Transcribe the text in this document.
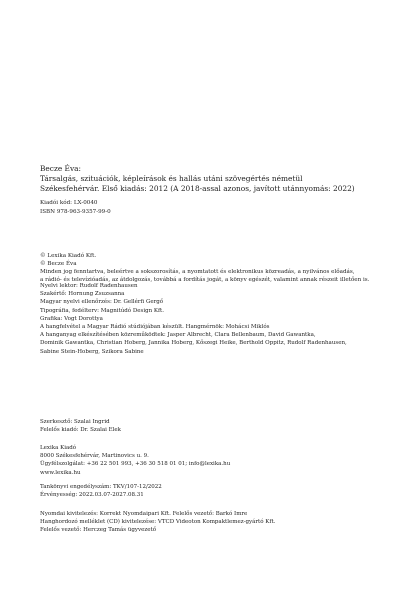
Becze Éva:
Társalgás, szituációk, képleírások és hallás utáni szövegértés németül
Székesfehérvár. Első kiadás: 2012 (A 2018-assal azonos, javított utánnyomás: 2022)
Kiadói kód: LX-0040
ISBN 978-963-9357-99-0
© Lexika Kiadó Kft.
© Becze Éva
Minden jog fenntartva, beleértve a sokszorosítás, a nyomtatott és elektronikus közreadás, a nyilvános előadás,
a rádió- és televízióadás, az átdolgozás, továbbá a fordítás jogát, a könyv egészét, valamint annak részeit illetően is.
Nyelvi lektor: Rudolf Radenhausen
Szakértő: Hornung Zsuzsanna
Magyar nyelvi ellenőrzés: Dr. Gellérfi Gergő
Tipográfia, fedélterv: Magnitúdó Design Kft.
Grafika: Vogt Dorottya
A hangfelvétel a Magyar Rádió stúdiójában készült. Hangmérnök: Mohácsi Miklós
A hanganyag elkészítésében közreműködtek: Jasper Albrecht, Clara Bellenbaum, David Gawantka,
Dominik Gawantka, Christian Hoberg, Jannika Hoberg, Kőszegi Heike, Berthold Oppitz, Rudolf Radenhausen,
Sabine Stein-Hoberg, Szikora Sabine
Szerkesztő: Szalai Ingrid
Felelős kiadó: Dr. Szalai Elek
Lexika Kiadó
8000 Székesfehérvár, Martinovics u. 9.
Ügyfélszolgálat: +36 22 501 993, +36 30 518 01 01; info@lexika.hu
www.lexika.hu
Tankönyvi engedélyszám: TKV/107-12/2022
Érvényesség: 2022.03.07-2027.08.31
Nyomdai kivitelezés: Korrekt Nyomdaipari Kft. Felelős vezető: Barkó Imre
Hanghordozó melléklet (CD) kivitelezése: VTCD Videoton Kompaktlemez-gyártó Kft.
Felelős vezető: Herczeg Tamás ügyvezető
